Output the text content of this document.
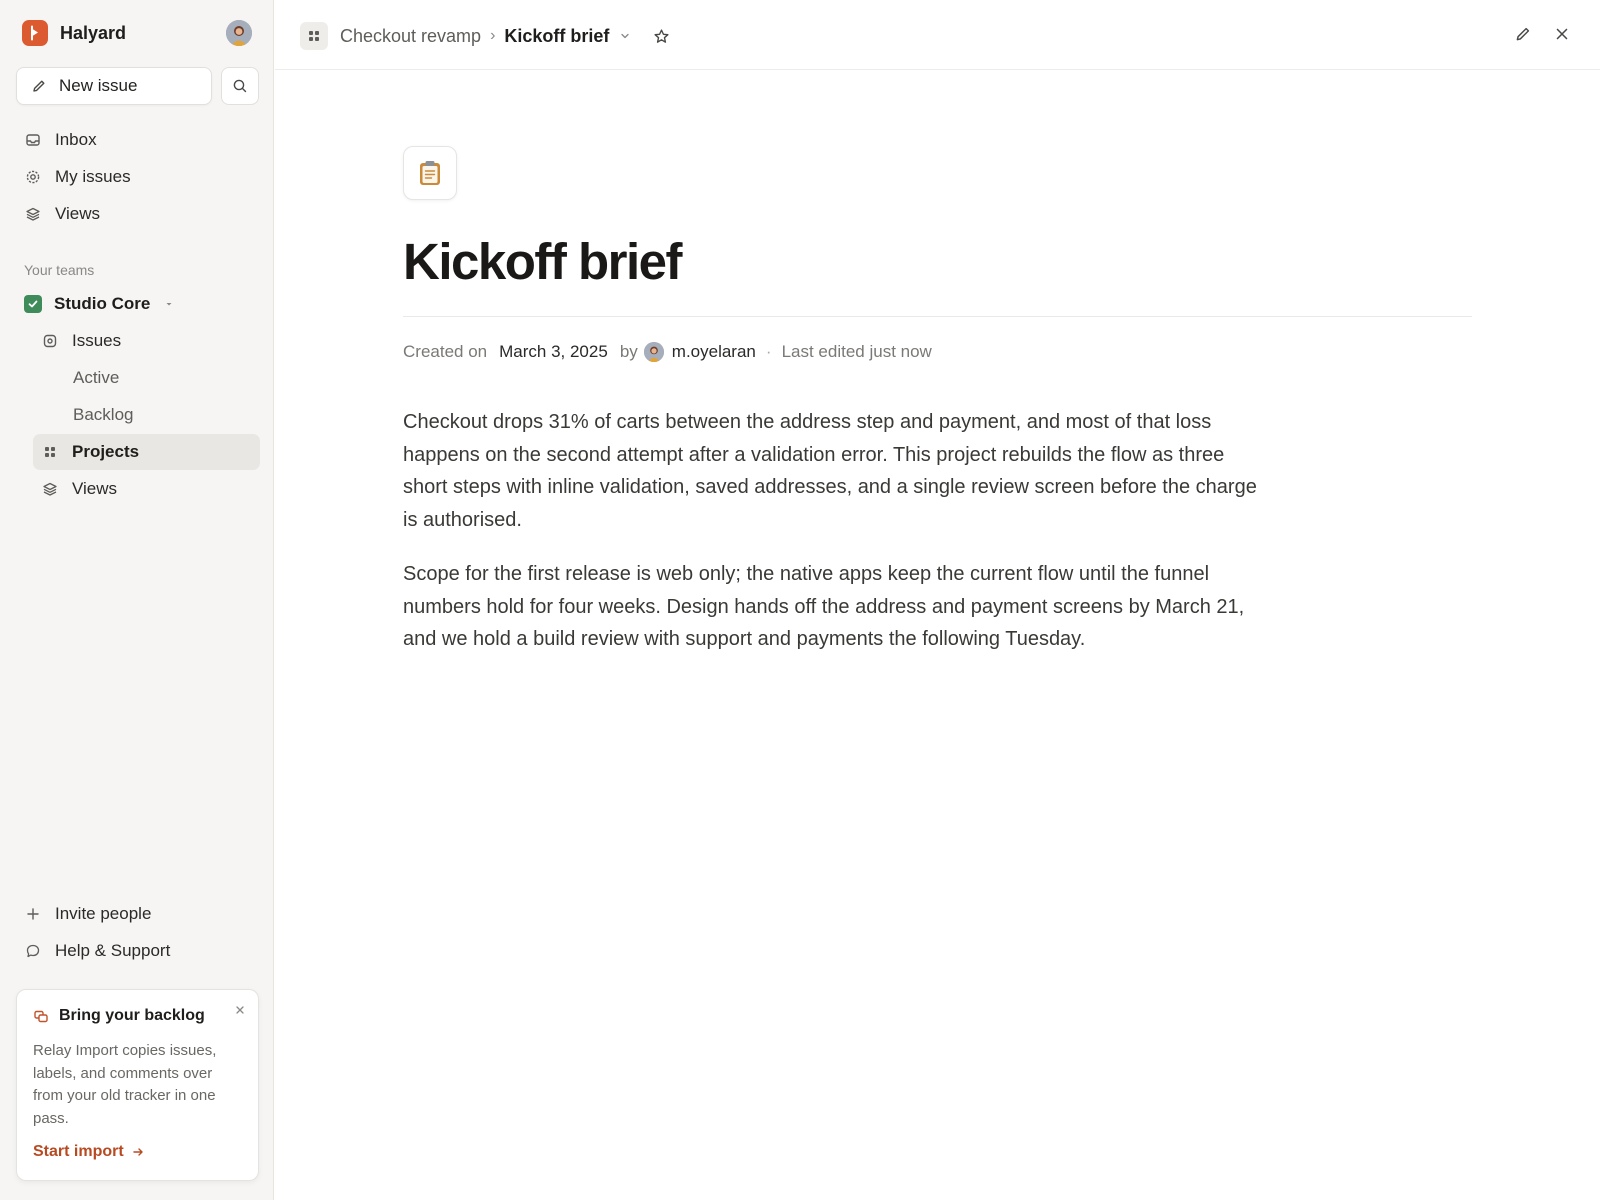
Halyard
New issue
Inbox
My issues
Views
Your teams
Studio Core
Issues
Active
Backlog
Projects
Views
Invite people
Help & Support
Bring your backlog
Relay Import copies issues, labels, and comments over from your old tracker in one pass.
Start import
Checkout revamp › Kickoff brief
Kickoff brief
Created on March 3, 2025 by m.oyelaran · Last edited just now

Checkout drops 31% of carts between the address step and payment, and most of that loss happens on the second attempt after a validation error. This project rebuilds the flow as three short steps with inline validation, saved addresses, and a single review screen before the charge is authorised.

Scope for the first release is web only; the native apps keep the current flow until the funnel numbers hold for four weeks. Design hands off the address and payment screens by March 21, and we hold a build review with support and payments the following Tuesday.
